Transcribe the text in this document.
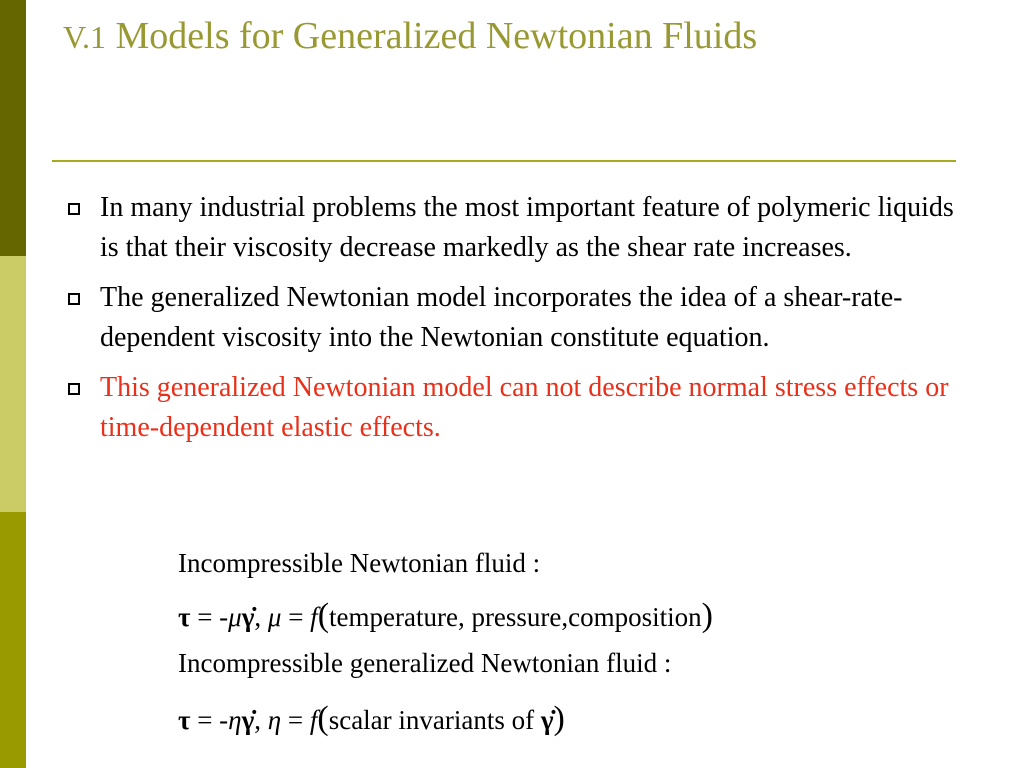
V.1 Models for Generalized Newtonian Fluids
In many industrial problems the most important feature of polymeric liquids is that their viscosity decrease markedly as the shear rate increases.
The generalized Newtonian model incorporates the idea of a shear-rate-dependent viscosity into the Newtonian constitute equation.
This generalized Newtonian model can not describe normal stress effects or time-dependent elastic effects.
Incompressible Newtonian fluid :
τ = -μγ̇, μ = f(temperature, pressure,composition)
Incompressible generalized Newtonian fluid :
τ = -ηγ̇, η = f(scalar invariants of γ̇)
